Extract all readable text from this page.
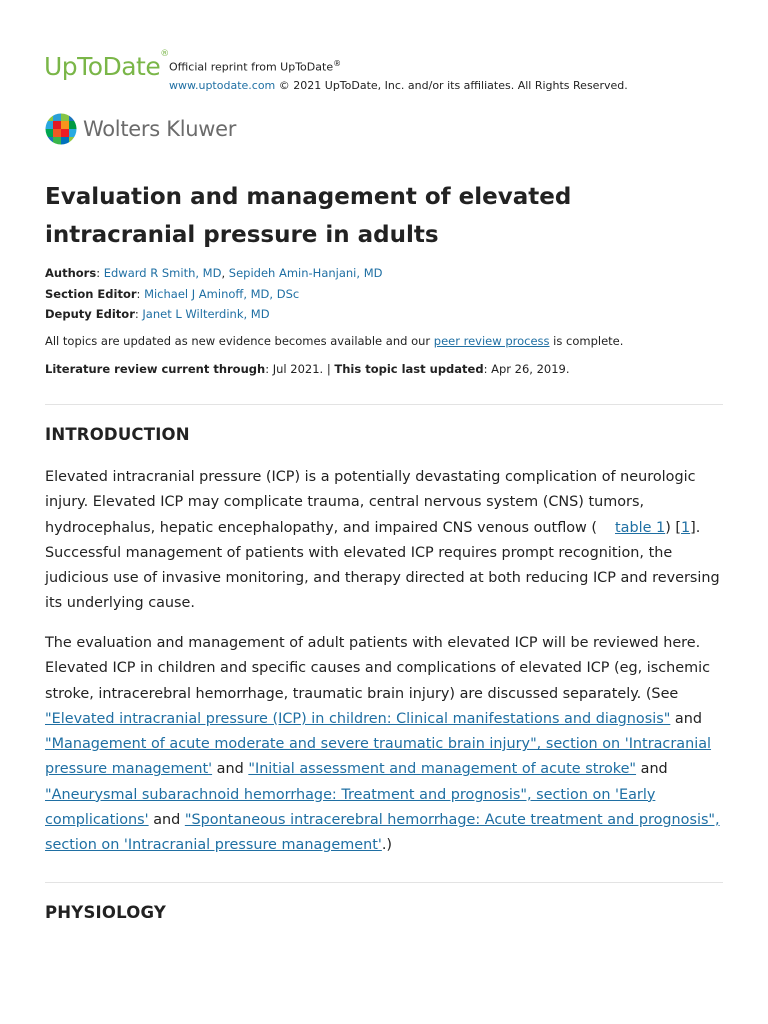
UpToDate®
Official reprint from UpToDate®
www.uptodate.com © 2021 UpToDate, Inc. and/or its affiliates. All Rights Reserved.
Wolters Kluwer
Evaluation and management of elevated intracranial pressure in adults
Authors: Edward R Smith, MD, Sepideh Amin-Hanjani, MD
Section Editor: Michael J Aminoff, MD, DSc
Deputy Editor: Janet L Wilterdink, MD
All topics are updated as new evidence becomes available and our peer review process is complete.
Literature review current through: Jul 2021. | This topic last updated: Apr 26, 2019.
INTRODUCTION

Elevated intracranial pressure (ICP) is a potentially devastating complication of neurologic injury. Elevated ICP may complicate trauma, central nervous system (CNS) tumors, hydrocephalus, hepatic encephalopathy, and impaired CNS venous outflow ( table 1) [1]. Successful management of patients with elevated ICP requires prompt recognition, the judicious use of invasive monitoring, and therapy directed at both reducing ICP and reversing its underlying cause.

The evaluation and management of adult patients with elevated ICP will be reviewed here. Elevated ICP in children and specific causes and complications of elevated ICP (eg, ischemic stroke, intracerebral hemorrhage, traumatic brain injury) are discussed separately. (See "Elevated intracranial pressure (ICP) in children: Clinical manifestations and diagnosis" and "Management of acute moderate and severe traumatic brain injury", section on 'Intracranial pressure management' and "Initial assessment and management of acute stroke" and "Aneurysmal subarachnoid hemorrhage: Treatment and prognosis", section on 'Early complications' and "Spontaneous intracerebral hemorrhage: Acute treatment and prognosis", section on 'Intracranial pressure management'.)

PHYSIOLOGY
